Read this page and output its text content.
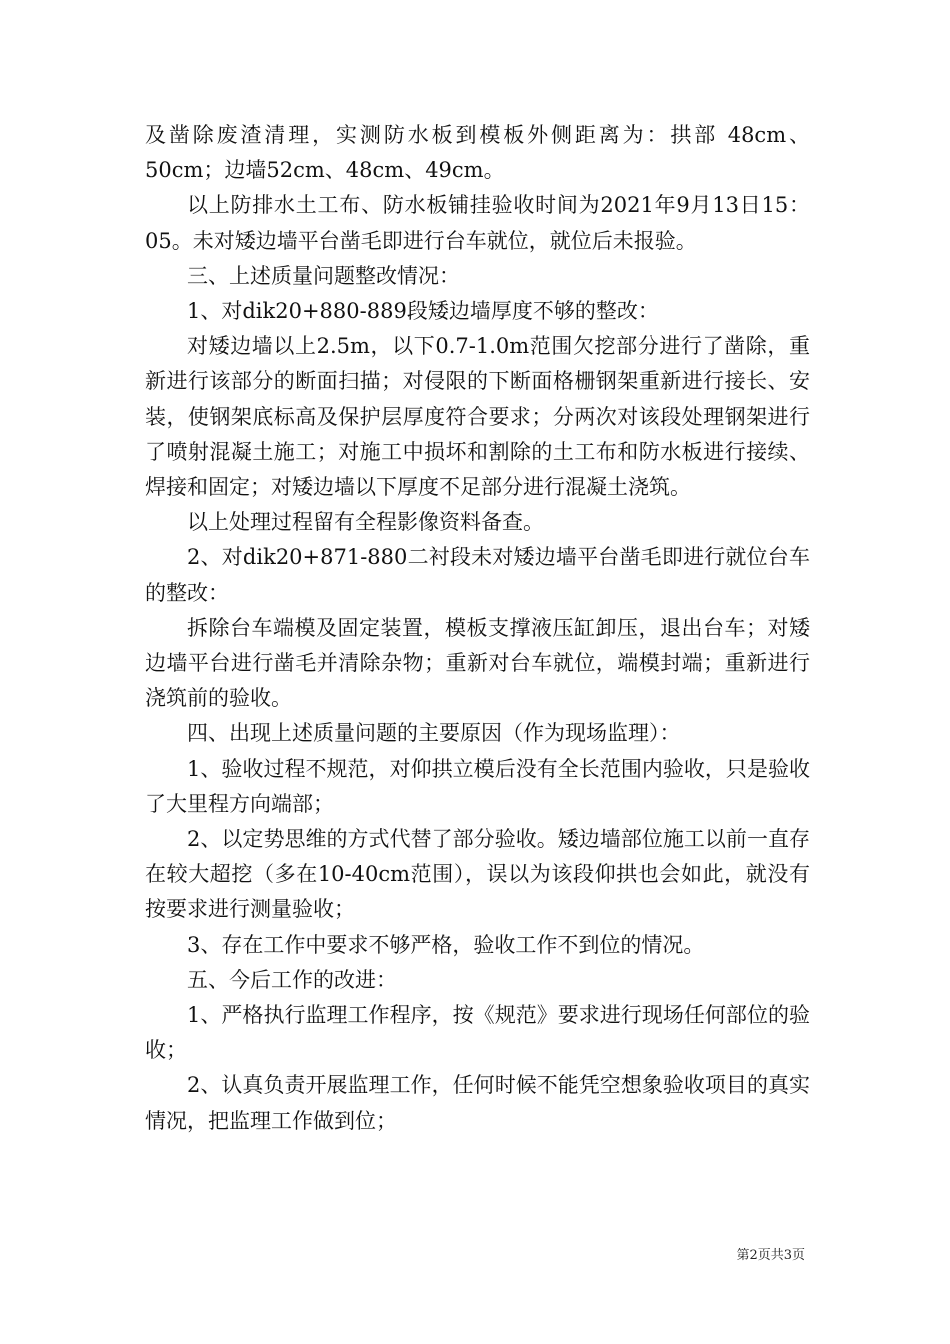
及凿除废渣清理，实测防水板到模板外侧距离为：拱部 48cm、50cm；边墙52cm、48cm、49cm。

以上防排水土工布、防水板铺挂验收时间为2021年9月13日15：05。未对矮边墙平台凿毛即进行台车就位，就位后未报验。

三、上述质量问题整改情况：

1、对dik20+880-889段矮边墙厚度不够的整改：

对矮边墙以上2.5m，以下0.7-1.0m范围欠挖部分进行了凿除，重新进行该部分的断面扫描；对侵限的下断面格栅钢架重新进行接长、安装，使钢架底标高及保护层厚度符合要求；分两次对该段处理钢架进行了喷射混凝土施工；对施工中损坏和割除的土工布和防水板进行接续、焊接和固定；对矮边墙以下厚度不足部分进行混凝土浇筑。

以上处理过程留有全程影像资料备查。

2、对dik20+871-880二衬段未对矮边墙平台凿毛即进行就位台车的整改：

拆除台车端模及固定装置，模板支撑液压缸卸压，退出台车；对矮边墙平台进行凿毛并清除杂物；重新对台车就位，端模封端；重新进行浇筑前的验收。

四、出现上述质量问题的主要原因（作为现场监理）：

1、验收过程不规范，对仰拱立模后没有全长范围内验收，只是验收了大里程方向端部；

2、以定势思维的方式代替了部分验收。矮边墙部位施工以前一直存在较大超挖（多在10-40cm范围），误以为该段仰拱也会如此，就没有按要求进行测量验收；

3、存在工作中要求不够严格，验收工作不到位的情况。

五、今后工作的改进：

1、严格执行监理工作程序，按《规范》要求进行现场任何部位的验收；

2、认真负责开展监理工作，任何时候不能凭空想象验收项目的真实情况，把监理工作做到位；

第2页共3页
